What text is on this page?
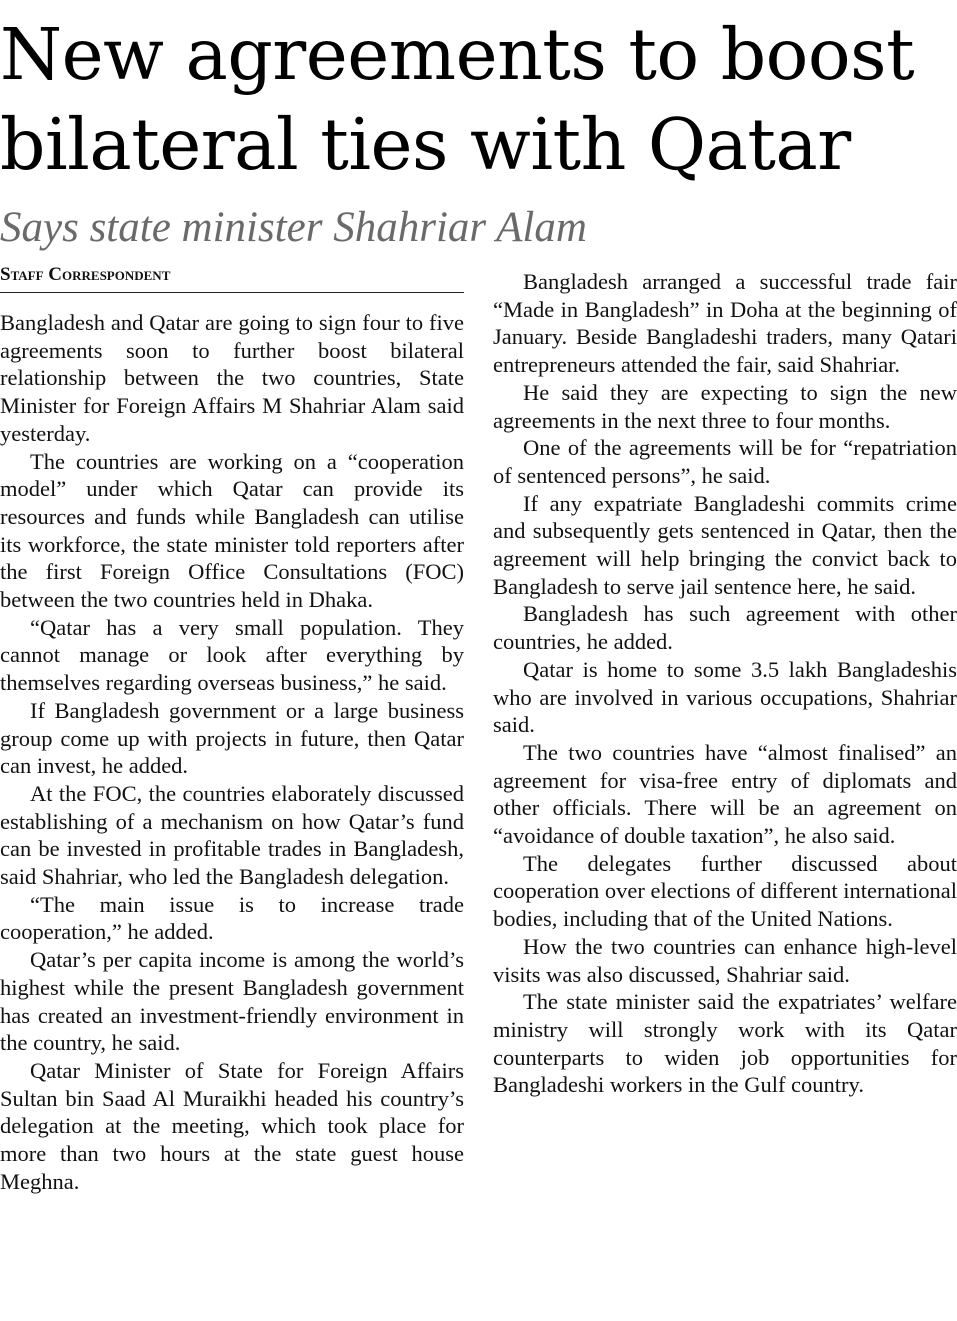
New agreements to boost
bilateral ties with Qatar
Says state minister Shahriar Alam
Staff Correspondent

Bangladesh and Qatar are going to sign four to five agreements soon to further boost bilateral relationship between the two countries, State Minister for Foreign Affairs M Shahriar Alam said yesterday.

The countries are working on a “cooperation model” under which Qatar can provide its resources and funds while Bangladesh can utilise its workforce, the state minister told reporters after the first Foreign Office Consultations (FOC) between the two countries held in Dhaka.

“Qatar has a very small population. They cannot manage or look after everything by themselves regarding overseas business,” he said.

If Bangladesh government or a large business group come up with projects in future, then Qatar can invest, he added.

At the FOC, the countries elaborately discussed establishing of a mechanism on how Qatar’s fund can be invested in profitable trades in Bangladesh, said Shahriar, who led the Bangladesh delegation.

“The main issue is to increase trade cooperation,” he added.

Qatar’s per capita income is among the world’s highest while the present Bangladesh government has created an investment-friendly environment in the country, he said.

Qatar Minister of State for Foreign Affairs Sultan bin Saad Al Muraikhi headed his country’s delegation at the meeting, which took place for more than two hours at the state guest house Meghna.

Bangladesh arranged a successful trade fair “Made in Bangladesh” in Doha at the beginning of January. Beside Bangladeshi traders, many Qatari entrepreneurs attended the fair, said Shahriar.

He said they are expecting to sign the new agreements in the next three to four months.

One of the agreements will be for “repatriation of sentenced persons”, he said.

If any expatriate Bangladeshi commits crime and subsequently gets sentenced in Qatar, then the agreement will help bringing the convict back to Bangladesh to serve jail sentence here, he said.

Bangladesh has such agreement with other countries, he added.

Qatar is home to some 3.5 lakh Bangladeshis who are involved in various occupations, Shahriar said.

The two countries have “almost finalised” an agreement for visa-free entry of diplomats and other officials. There will be an agreement on “avoidance of double taxation”, he also said.

The delegates further discussed about cooperation over elections of different international bodies, including that of the United Nations.

How the two countries can enhance high-level visits was also discussed, Shahriar said.

The state minister said the expatriates’ welfare ministry will strongly work with its Qatar counterparts to widen job opportunities for Bangladeshi workers in the Gulf country.
